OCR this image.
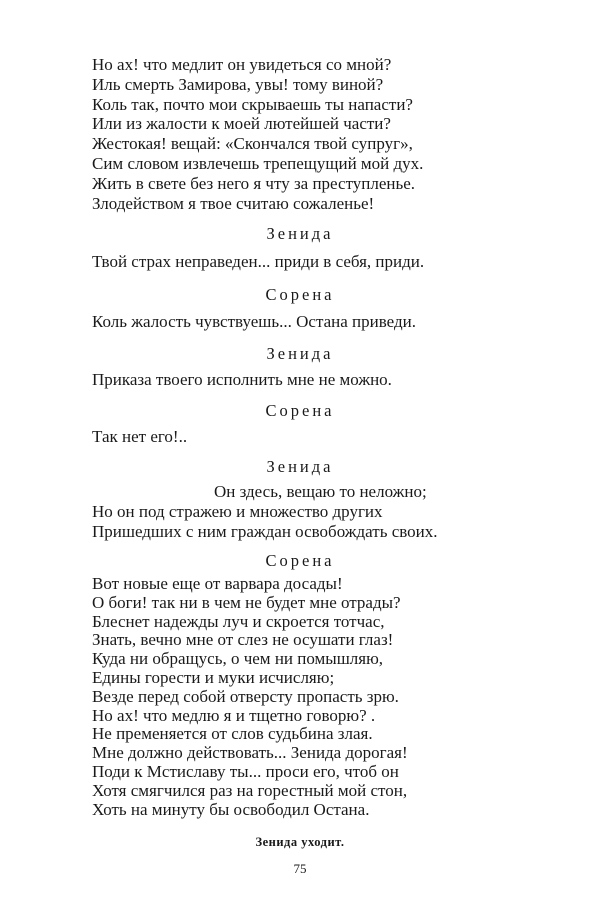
Но ах! что медлит он увидеться со мной?
Иль смерть Замирова, увы! тому виной?
Коль так, почто мои скрываешь ты напасти?
Или из жалости к моей лютейшей части?
Жестокая! вещай: «Скончался твой супруг»,
Сим словом извлечешь трепещущий мой дух.
Жить в свете без него я чту за преступленье.
Злодейством я твое считаю сожаленье!
Зенида
Твой страх неправеден... приди в себя, приди.
Сорена
Коль жалость чувствуешь... Остана приведи.
Зенида
Приказа твоего исполнить мне не можно.
Сорена
Так нет его!..
Зенида
Он здесь, вещаю то неложно;
Но он под стражею и множество других
Пришедших с ним граждан освобождать своих.
Сорена
Вот новые еще от варвара досады!
О боги! так ни в чем не будет мне отрады?
Блеснет надежды луч и скроется тотчас,
Знать, вечно мне от слез не осушати глаз!
Куда ни обращусь, о чем ни помышляю,
Едины горести и муки исчисляю;
Везде перед собой отверсту пропасть зрю.
Но ах! что медлю я и тщетно говорю? .
Не пременяется от слов судьбина злая.
Мне должно действовать... Зенида дорогая!
Поди к Мстиславу ты... проси его, чтоб он
Хотя смягчился раз на горестный мой стон,
Хоть на минуту бы освободил Остана.
Зенида уходит.
75
